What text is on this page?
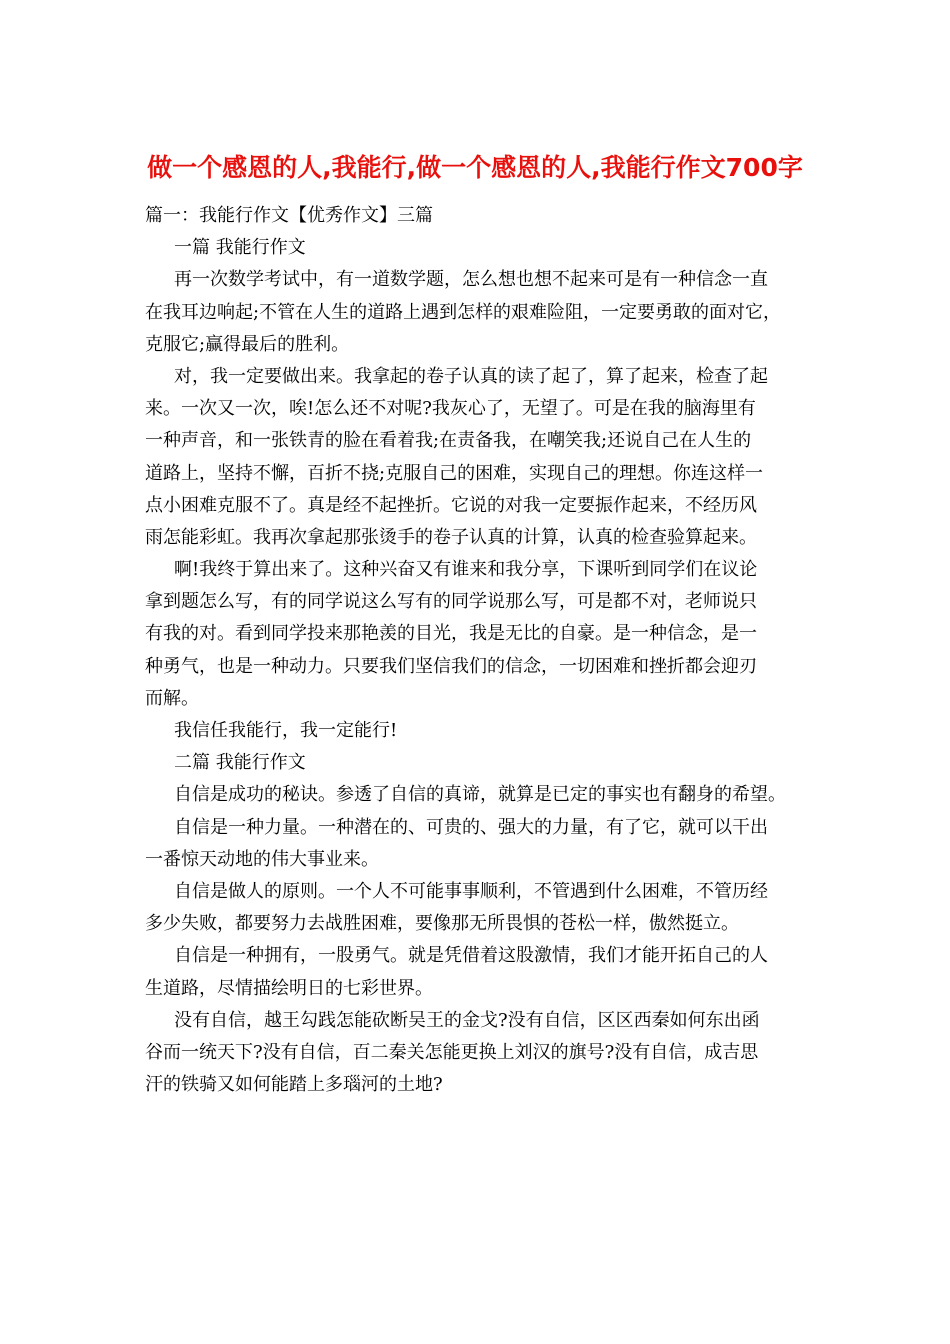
做一个感恩的人,我能行,做一个感恩的人,我能行作文700字
篇一：我能行作文【优秀作文】三篇
一篇 我能行作文
再一次数学考试中，有一道数学题，怎么想也想不起来可是有一种信念一直
在我耳边响起;不管在人生的道路上遇到怎样的艰难险阻，一定要勇敢的面对它，
克服它;赢得最后的胜利。
对，我一定要做出来。我拿起的卷子认真的读了起了，算了起来，检查了起
来。一次又一次，唉!怎么还不对呢?我灰心了，无望了。可是在我的脑海里有
一种声音，和一张铁青的脸在看着我;在责备我，在嘲笑我;还说自己在人生的
道路上，坚持不懈，百折不挠;克服自己的困难，实现自己的理想。你连这样一
点小困难克服不了。真是经不起挫折。它说的对我一定要振作起来，不经历风
雨怎能彩虹。我再次拿起那张烫手的卷子认真的计算，认真的检查验算起来。
啊!我终于算出来了。这种兴奋又有谁来和我分享，下课听到同学们在议论
拿到题怎么写，有的同学说这么写有的同学说那么写，可是都不对，老师说只
有我的对。看到同学投来那艳羡的目光，我是无比的自豪。是一种信念，是一
种勇气，也是一种动力。只要我们坚信我们的信念，一切困难和挫折都会迎刃
而解。
我信任我能行，我一定能行!
二篇 我能行作文
自信是成功的秘诀。参透了自信的真谛，就算是已定的事实也有翻身的希望。
自信是一种力量。一种潜在的、可贵的、强大的力量，有了它，就可以干出
一番惊天动地的伟大事业来。
自信是做人的原则。一个人不可能事事顺利，不管遇到什么困难，不管历经
多少失败，都要努力去战胜困难，要像那无所畏惧的苍松一样，傲然挺立。
自信是一种拥有，一股勇气。就是凭借着这股激情，我们才能开拓自己的人
生道路，尽情描绘明日的七彩世界。
没有自信，越王勾践怎能砍断吴王的金戈?没有自信，区区西秦如何东出函
谷而一统天下?没有自信，百二秦关怎能更换上刘汉的旗号?没有自信，成吉思
汗的铁骑又如何能踏上多瑙河的土地?
